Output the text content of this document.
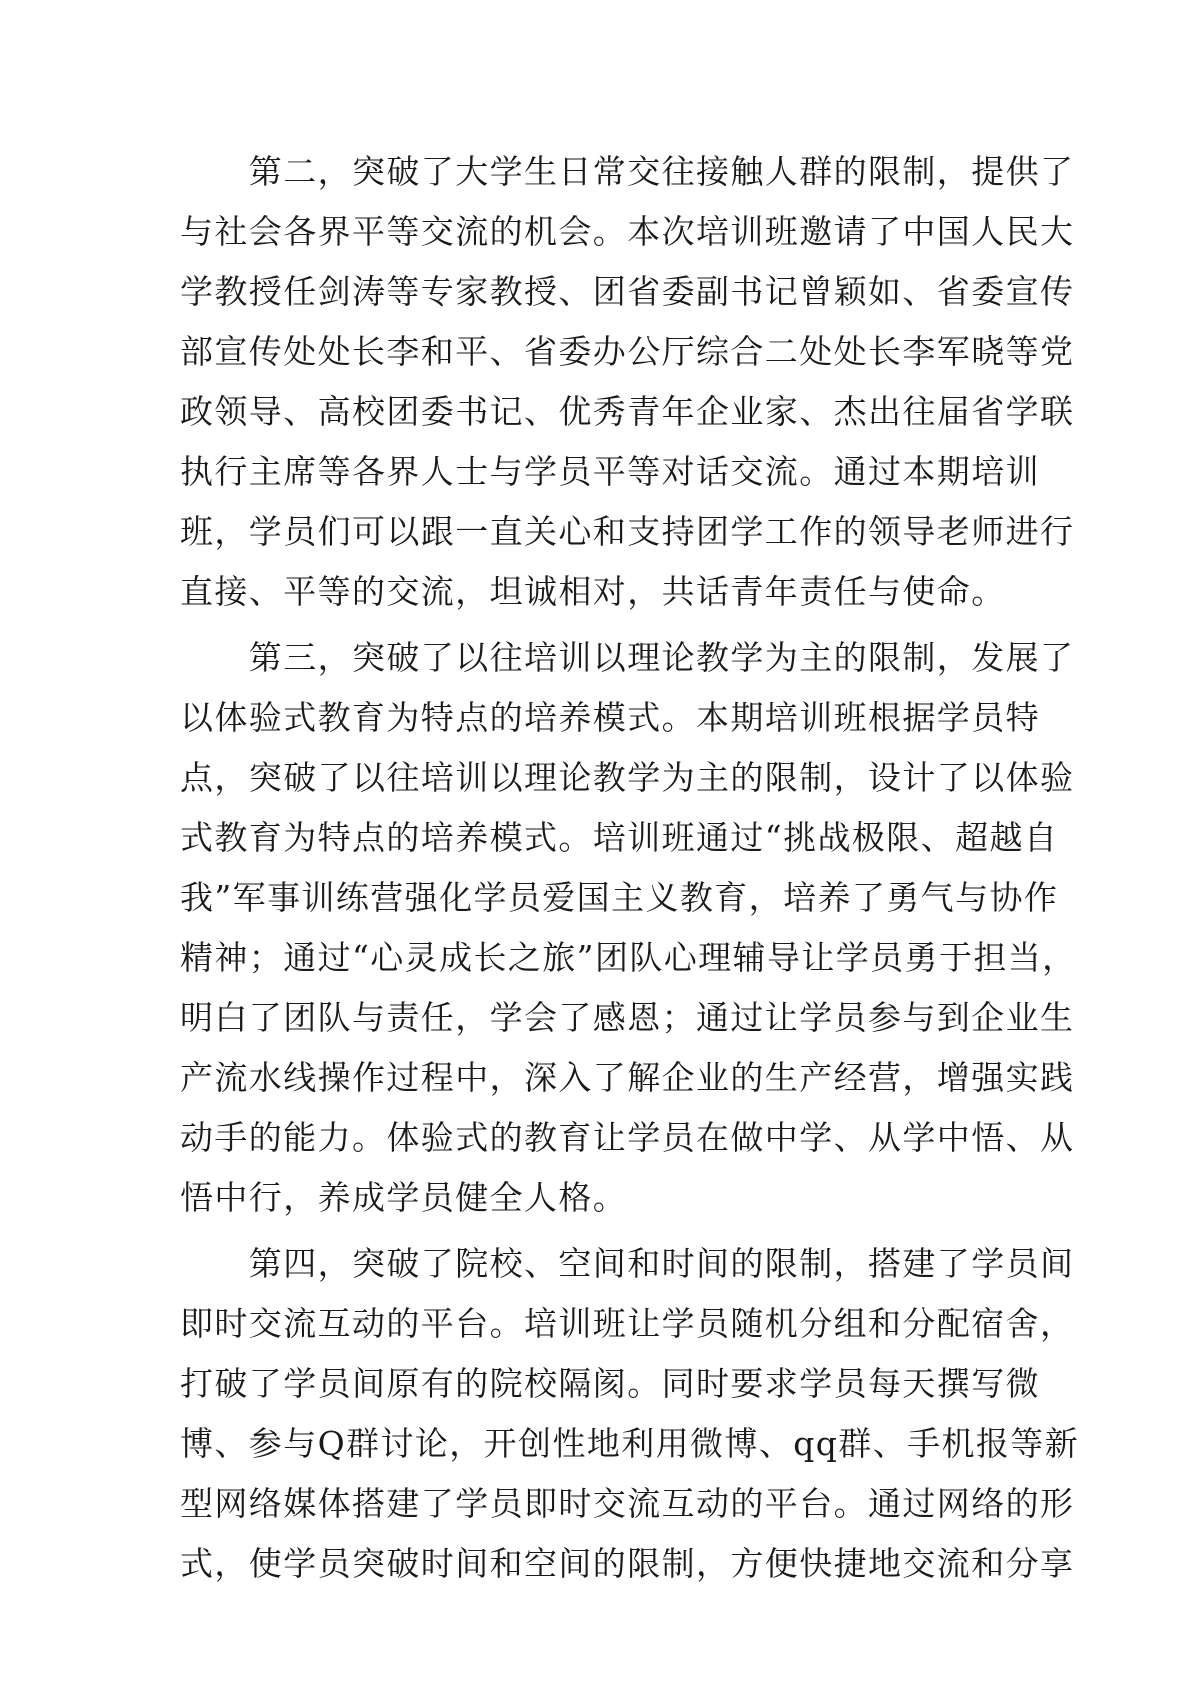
　　第二，突破了大学生日常交往接触人群的限制，提供了
与社会各界平等交流的机会。本次培训班邀请了中国人民大
学教授任剑涛等专家教授、团省委副书记曾颖如、省委宣传
部宣传处处长李和平、省委办公厅综合二处处长李军晓等党
政领导、高校团委书记、优秀青年企业家、杰出往届省学联
执行主席等各界人士与学员平等对话交流。通过本期培训
班，学员们可以跟一直关心和支持团学工作的领导老师进行
直接、平等的交流，坦诚相对，共话青年责任与使命。
　　第三，突破了以往培训以理论教学为主的限制，发展了
以体验式教育为特点的培养模式。本期培训班根据学员特
点，突破了以往培训以理论教学为主的限制，设计了以体验
式教育为特点的培养模式。培训班通过“挑战极限、超越自
我”军事训练营强化学员爱国主义教育，培养了勇气与协作
精神；通过“心灵成长之旅”团队心理辅导让学员勇于担当，
明白了团队与责任，学会了感恩；通过让学员参与到企业生
产流水线操作过程中，深入了解企业的生产经营，增强实践
动手的能力。体验式的教育让学员在做中学、从学中悟、从
悟中行，养成学员健全人格。
　　第四，突破了院校、空间和时间的限制，搭建了学员间
即时交流互动的平台。培训班让学员随机分组和分配宿舍，
打破了学员间原有的院校隔阂。同时要求学员每天撰写微
博、参与Q群讨论，开创性地利用微博、qq群、手机报等新
型网络媒体搭建了学员即时交流互动的平台。通过网络的形
式，使学员突破时间和空间的限制，方便快捷地交流和分享
